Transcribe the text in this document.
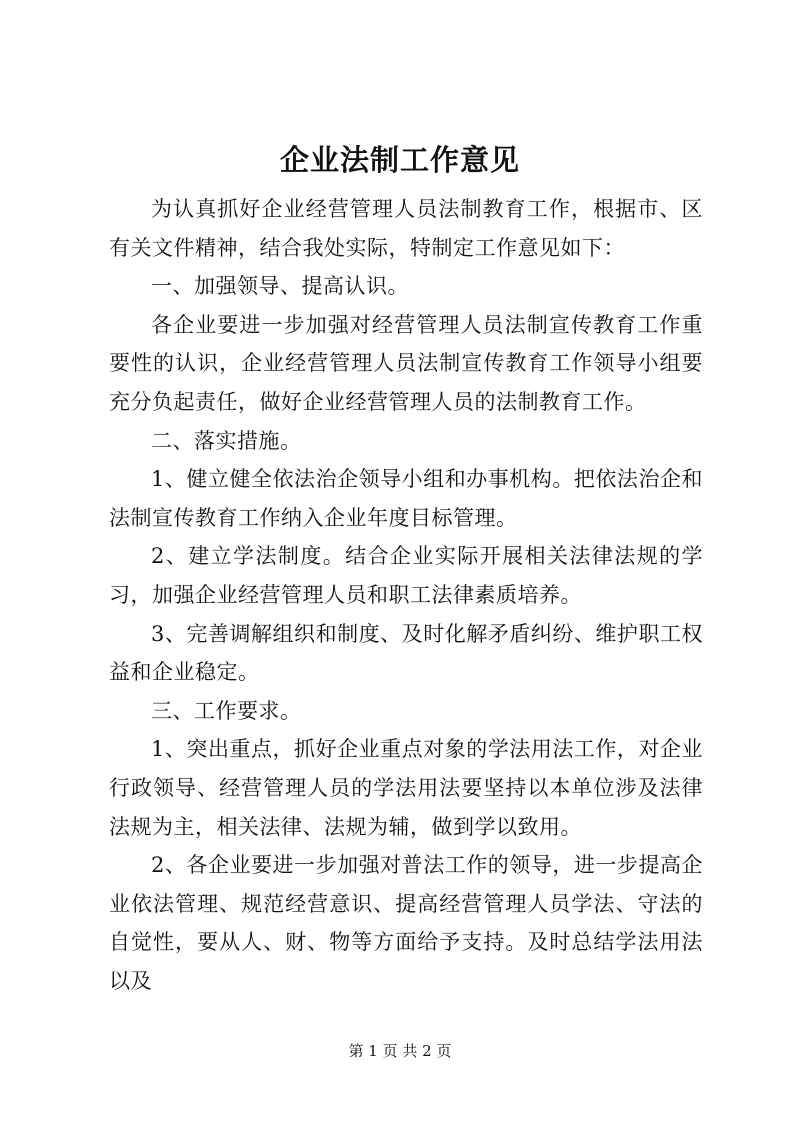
企业法制工作意见

为认真抓好企业经营管理人员法制教育工作，根据市、区有关文件精神，结合我处实际，特制定工作意见如下：

一、加强领导、提高认识。

各企业要进一步加强对经营管理人员法制宣传教育工作重要性的认识，企业经营管理人员法制宣传教育工作领导小组要充分负起责任，做好企业经营管理人员的法制教育工作。

二、落实措施。

1、健立健全依法治企领导小组和办事机构。把依法治企和法制宣传教育工作纳入企业年度目标管理。

2、建立学法制度。结合企业实际开展相关法律法规的学习，加强企业经营管理人员和职工法律素质培养。

3、完善调解组织和制度、及时化解矛盾纠纷、维护职工权益和企业稳定。

三、工作要求。

1、突出重点，抓好企业重点对象的学法用法工作，对企业行政领导、经营管理人员的学法用法要坚持以本单位涉及法律法规为主，相关法律、法规为辅，做到学以致用。

2、各企业要进一步加强对普法工作的领导，进一步提高企业依法管理、规范经营意识、提高经营管理人员学法、守法的自觉性，要从人、财、物等方面给予支持。及时总结学法用法以及

第 1 页 共 2 页
